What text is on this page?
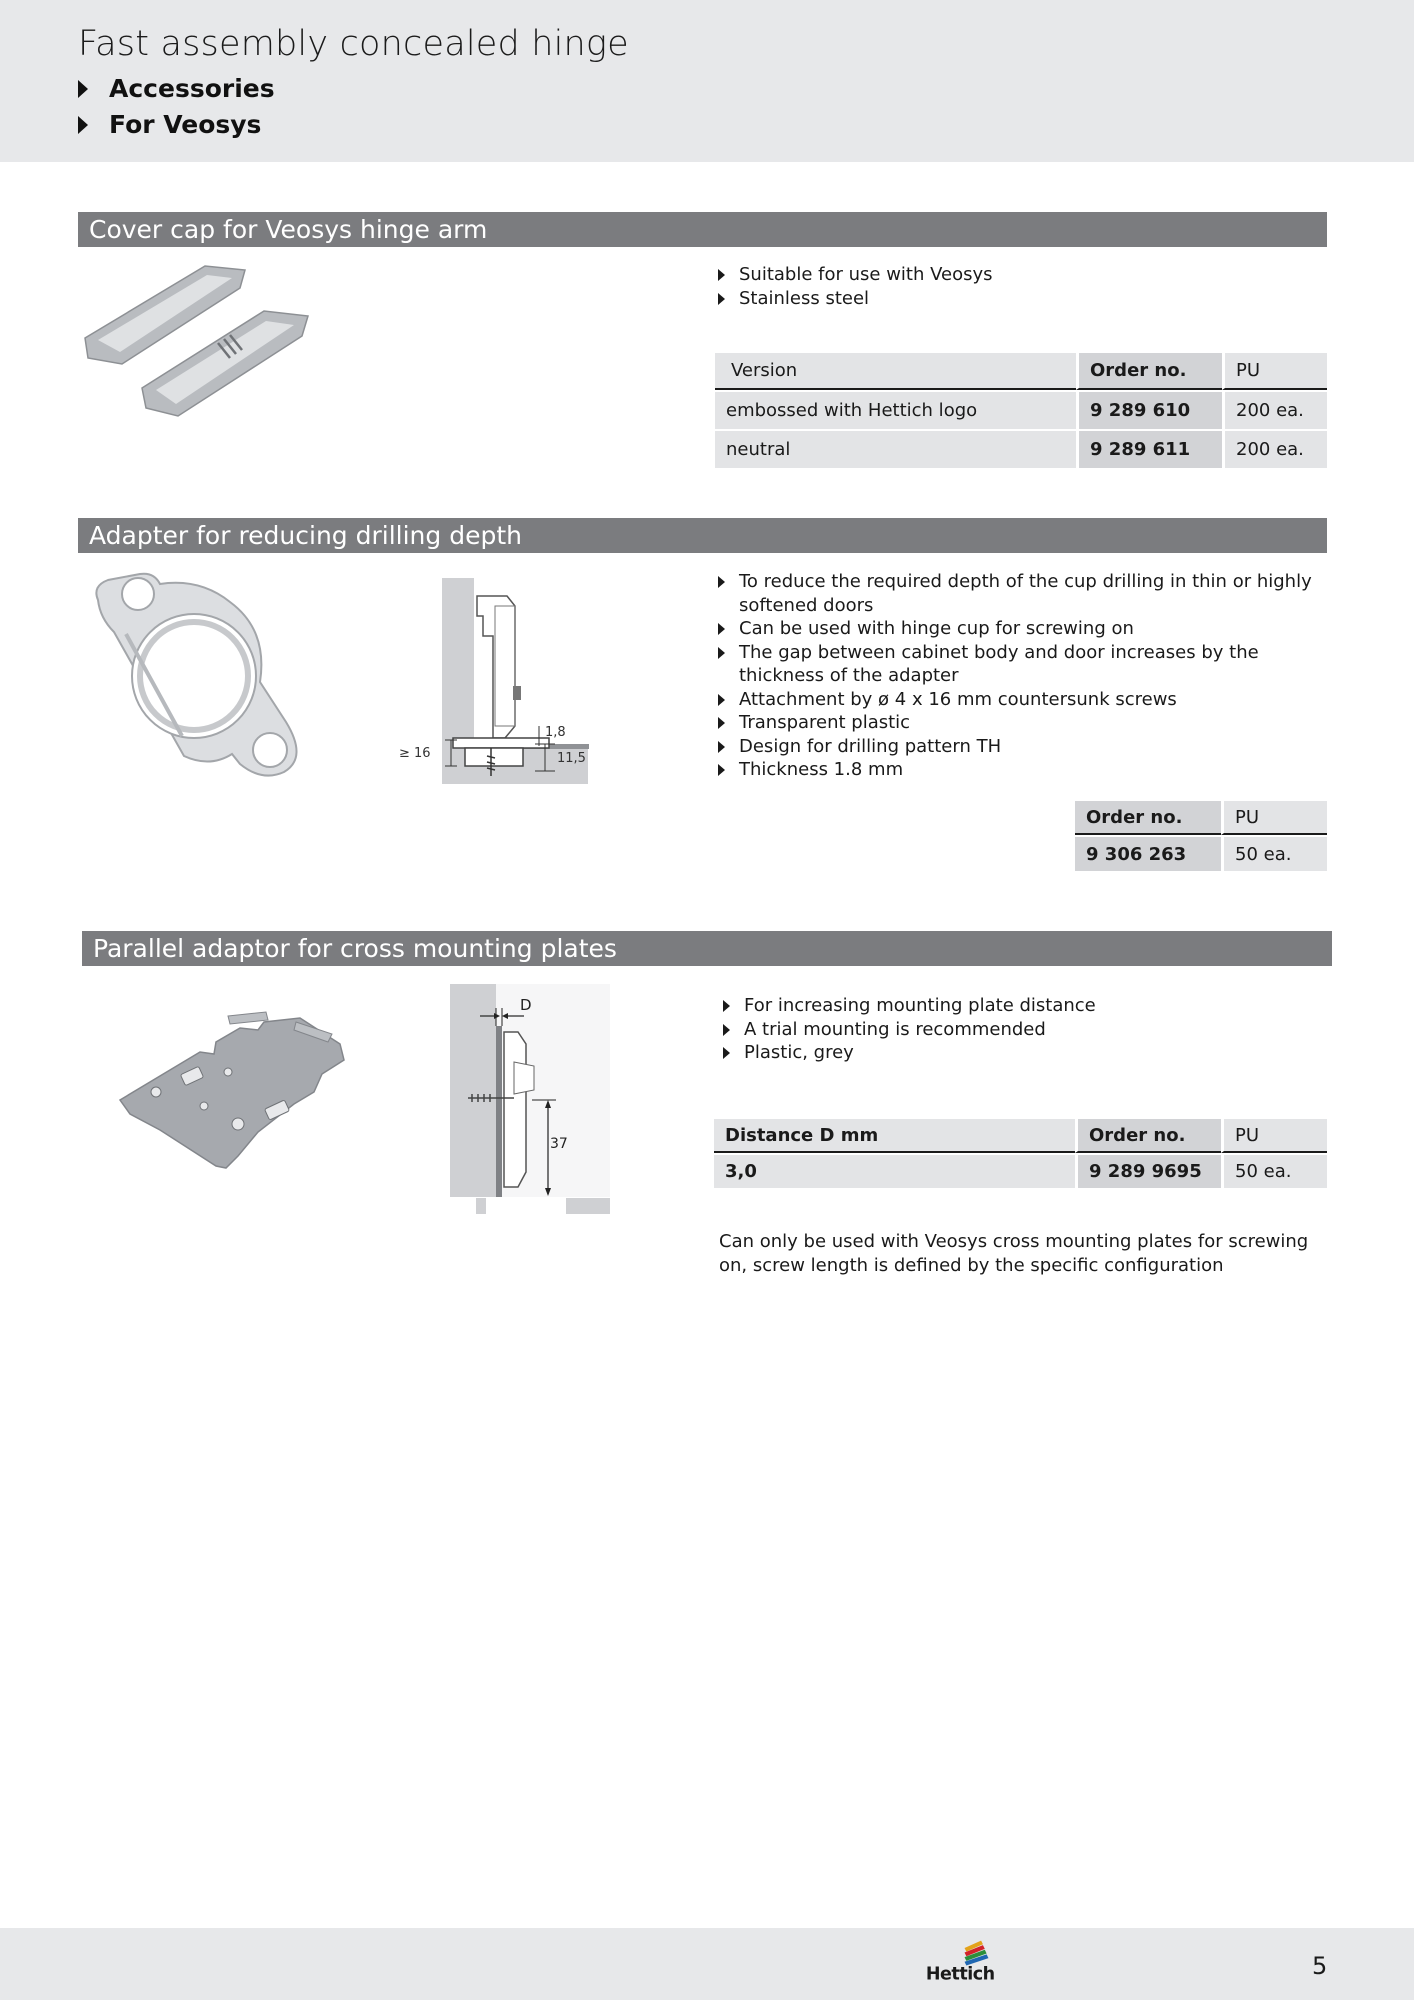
Fast assembly concealed hinge
Accessories
For Veosys
Cover cap for Veosys hinge arm
Suitable for use with Veosys
Stainless steel
Version	Order no.	PU
embossed with Hettich logo	9 289 610	200 ea.
neutral	9 289 611	200 ea.
Adapter for reducing drilling depth
≥ 16
1,8
11,5
To reduce the required depth of the cup drilling in thin or highly softened doors
Can be used with hinge cup for screwing on
The gap between cabinet body and door increases by the thickness of the adapter
Attachment by ø 4 x 16 mm countersunk screws
Transparent plastic
Design for drilling pattern TH
Thickness 1.8 mm
Order no.	PU
9 306 263	50 ea.
Parallel adaptor for cross mounting plates
D
37
For increasing mounting plate distance
A trial mounting is recommended
Plastic, grey
Distance D mm	Order no.	PU
3,0	9 289 9695	50 ea.
Can only be used with Veosys cross mounting plates for screwing on, screw length is defined by the specific configuration
Hettich	5
